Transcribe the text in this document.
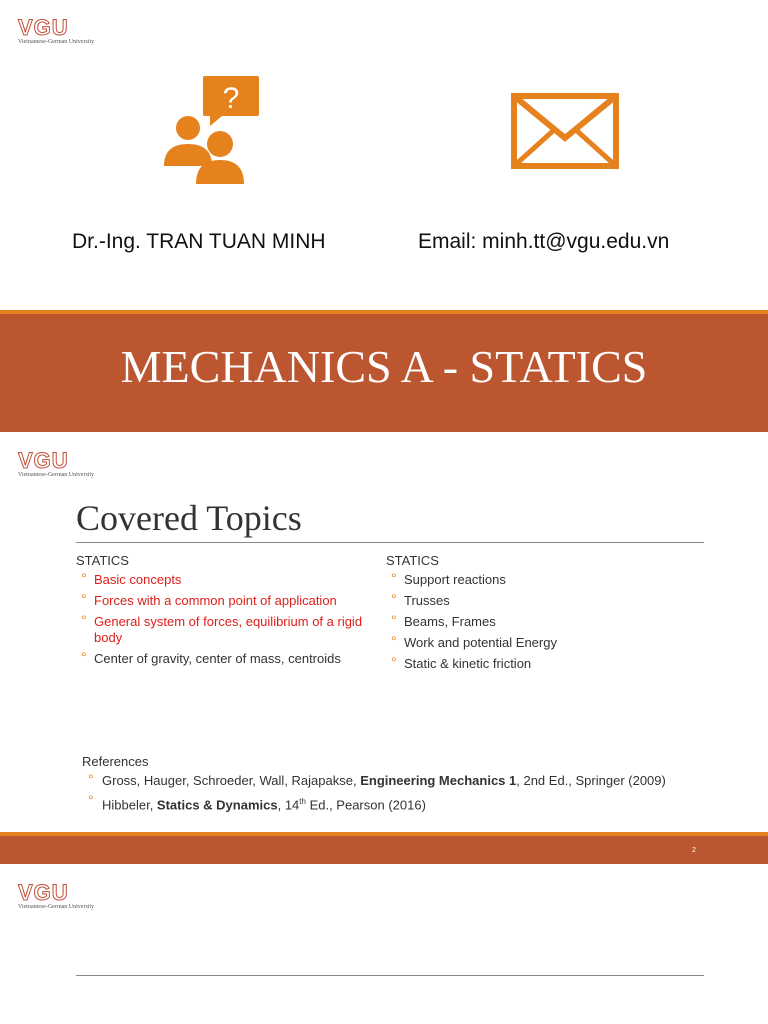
VGU
Vietnamese-German University
?
Dr.-Ing. TRAN TUAN MINH	Email: minh.tt@vgu.edu.vn
MECHANICS A - STATICS
VGU
Vietnamese-German University
Covered Topics
STATICS
° Basic concepts
° Forces with a common point of application
° General system of forces, equilibrium of a rigid body
° Center of gravity, center of mass, centroids
STATICS
° Support reactions
° Trusses
° Beams, Frames
° Work and potential Energy
° Static & kinetic friction
References
° Gross, Hauger, Schroeder, Wall, Rajapakse, Engineering Mechanics 1, 2nd Ed., Springer (2009)
° Hibbeler, Statics & Dynamics, 14th Ed., Pearson (2016)
2
VGU
Vietnamese-German University
